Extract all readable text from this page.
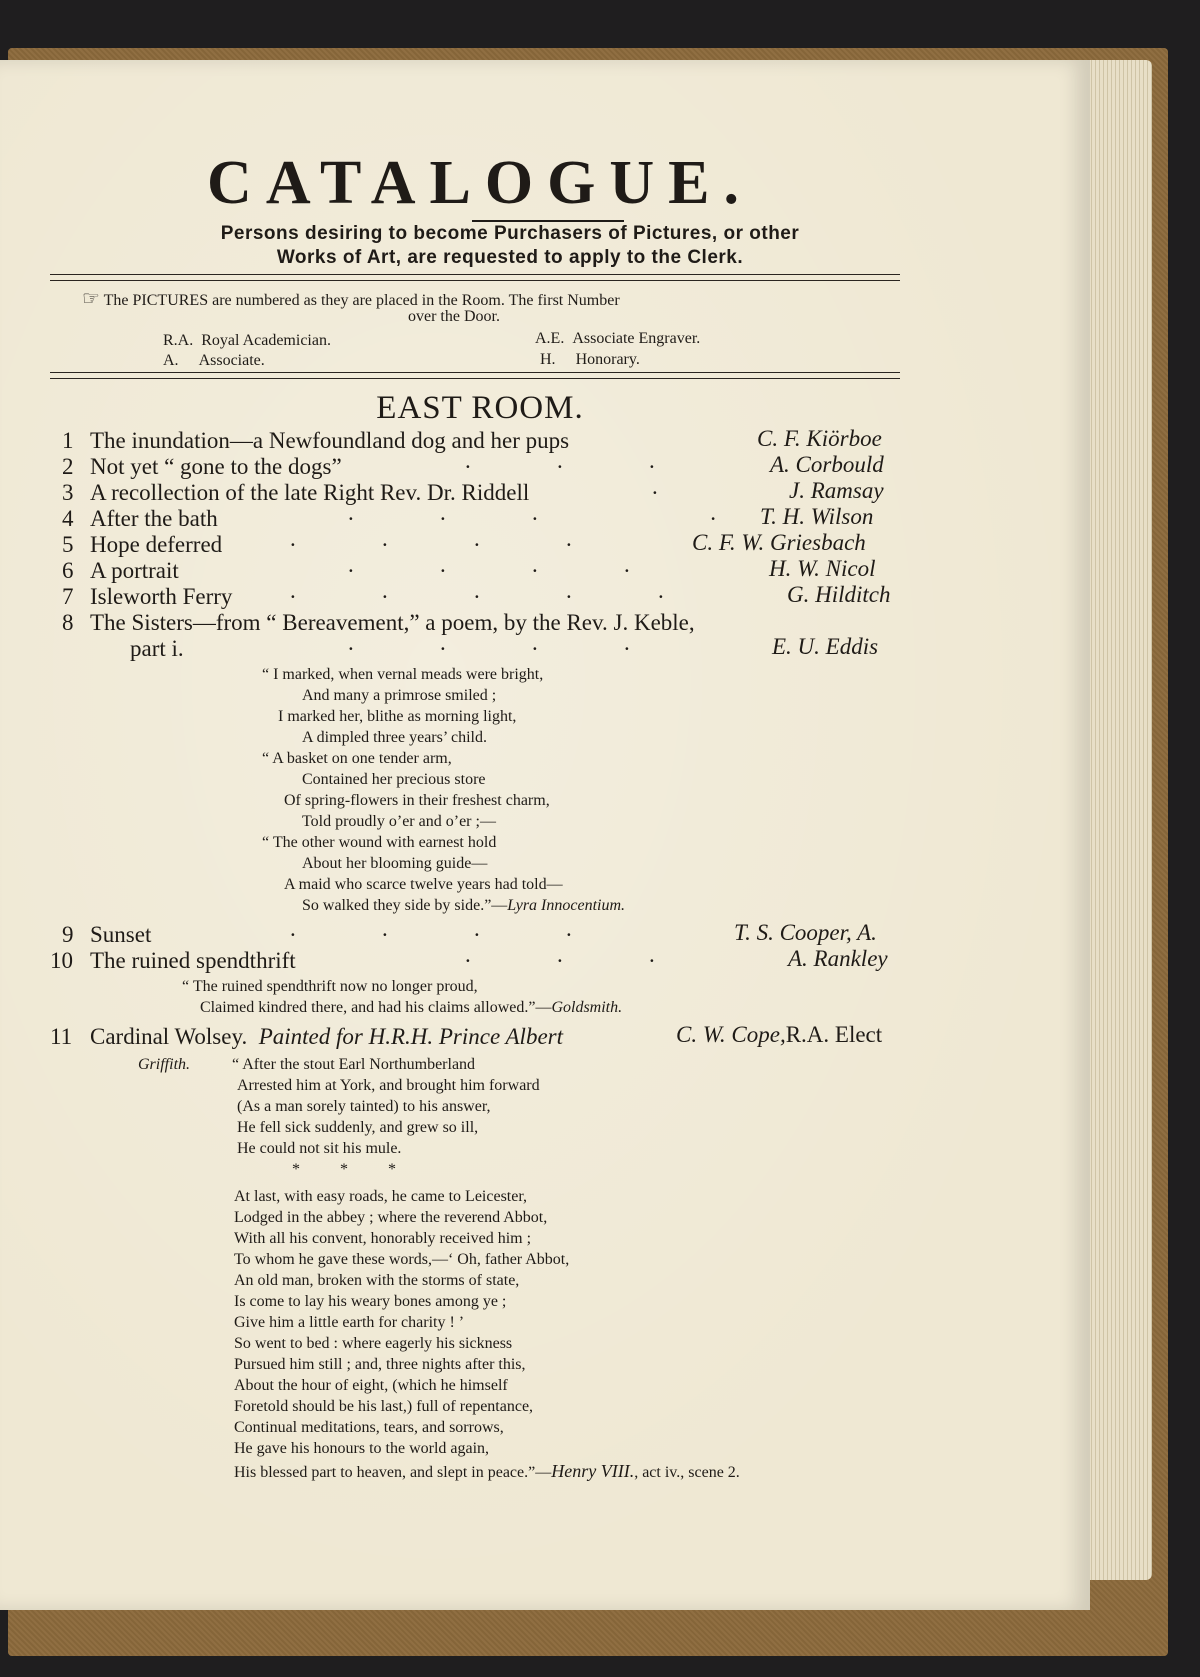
CATALOGUE.
Persons desiring to become Purchasers of Pictures, or other
Works of Art, are requested to apply to the Clerk.
☞ The PICTURES are numbered as they are placed in the Room. The first Number
over the Door.
R.A. Royal Academician.	A.E. Associate Engraver.
A. Associate.	H. Honorary.
EAST ROOM.
1 The inundation—a Newfoundland dog and her pups	C. F. Kiörboe
2 Not yet “ gone to the dogs”	.               .               .	A. Corbould
3 A recollection of the late Right Rev. Dr. Riddell	.	J. Ramsay
4 After the bath	.               .               .                              . T. H. Wilson
5 Hope deferred	.               .               .               .	C. F. W. Griesbach
6 A portrait	.               .               .               .	H. W. Nicol
7 Isleworth Ferry	.               .               .               .               .	G. Hilditch
8 The Sisters—from “ Bereavement,” a poem, by the Rev. J. Keble,
part i.	.               .               .               .	E. U. Eddis
“ I marked, when vernal meads were bright,
And many a primrose smiled ;
I marked her, blithe as morning light,
A dimpled three years’ child.
“ A basket on one tender arm,
Contained her precious store
Of spring-flowers in their freshest charm,
Told proudly o’er and o’er ;—
“ The other wound with earnest hold
About her blooming guide—
A maid who scarce twelve years had told—
So walked they side by side.”—Lyra Innocentium.
9 Sunset	.               .               .               .	T. S. Cooper, A.
10 The ruined spendthrift	.               .               .	A. Rankley
“ The ruined spendthrift now no longer proud,
Claimed kindred there, and had his claims allowed.”—Goldsmith.
11 Cardinal Wolsey. Painted for H.R.H. Prince Albert	C. W. Cope,R.A. Elect
Griffith.	“ After the stout Earl Northumberland
Arrested him at York, and brought him forward
(As a man sorely tainted) to his answer,
He fell sick suddenly, and grew so ill,
He could not sit his mule.
*          *          *
At last, with easy roads, he came to Leicester,
Lodged in the abbey ; where the reverend Abbot,
With all his convent, honorably received him ;
To whom he gave these words,—‘ Oh, father Abbot,
An old man, broken with the storms of state,
Is come to lay his weary bones among ye ;
Give him a little earth for charity ! ’
So went to bed : where eagerly his sickness
Pursued him still ; and, three nights after this,
About the hour of eight, (which he himself
Foretold should be his last,) full of repentance,
Continual meditations, tears, and sorrows,
He gave his honours to the world again,
His blessed part to heaven, and slept in peace.”—Henry VIII., act iv., scene 2.
